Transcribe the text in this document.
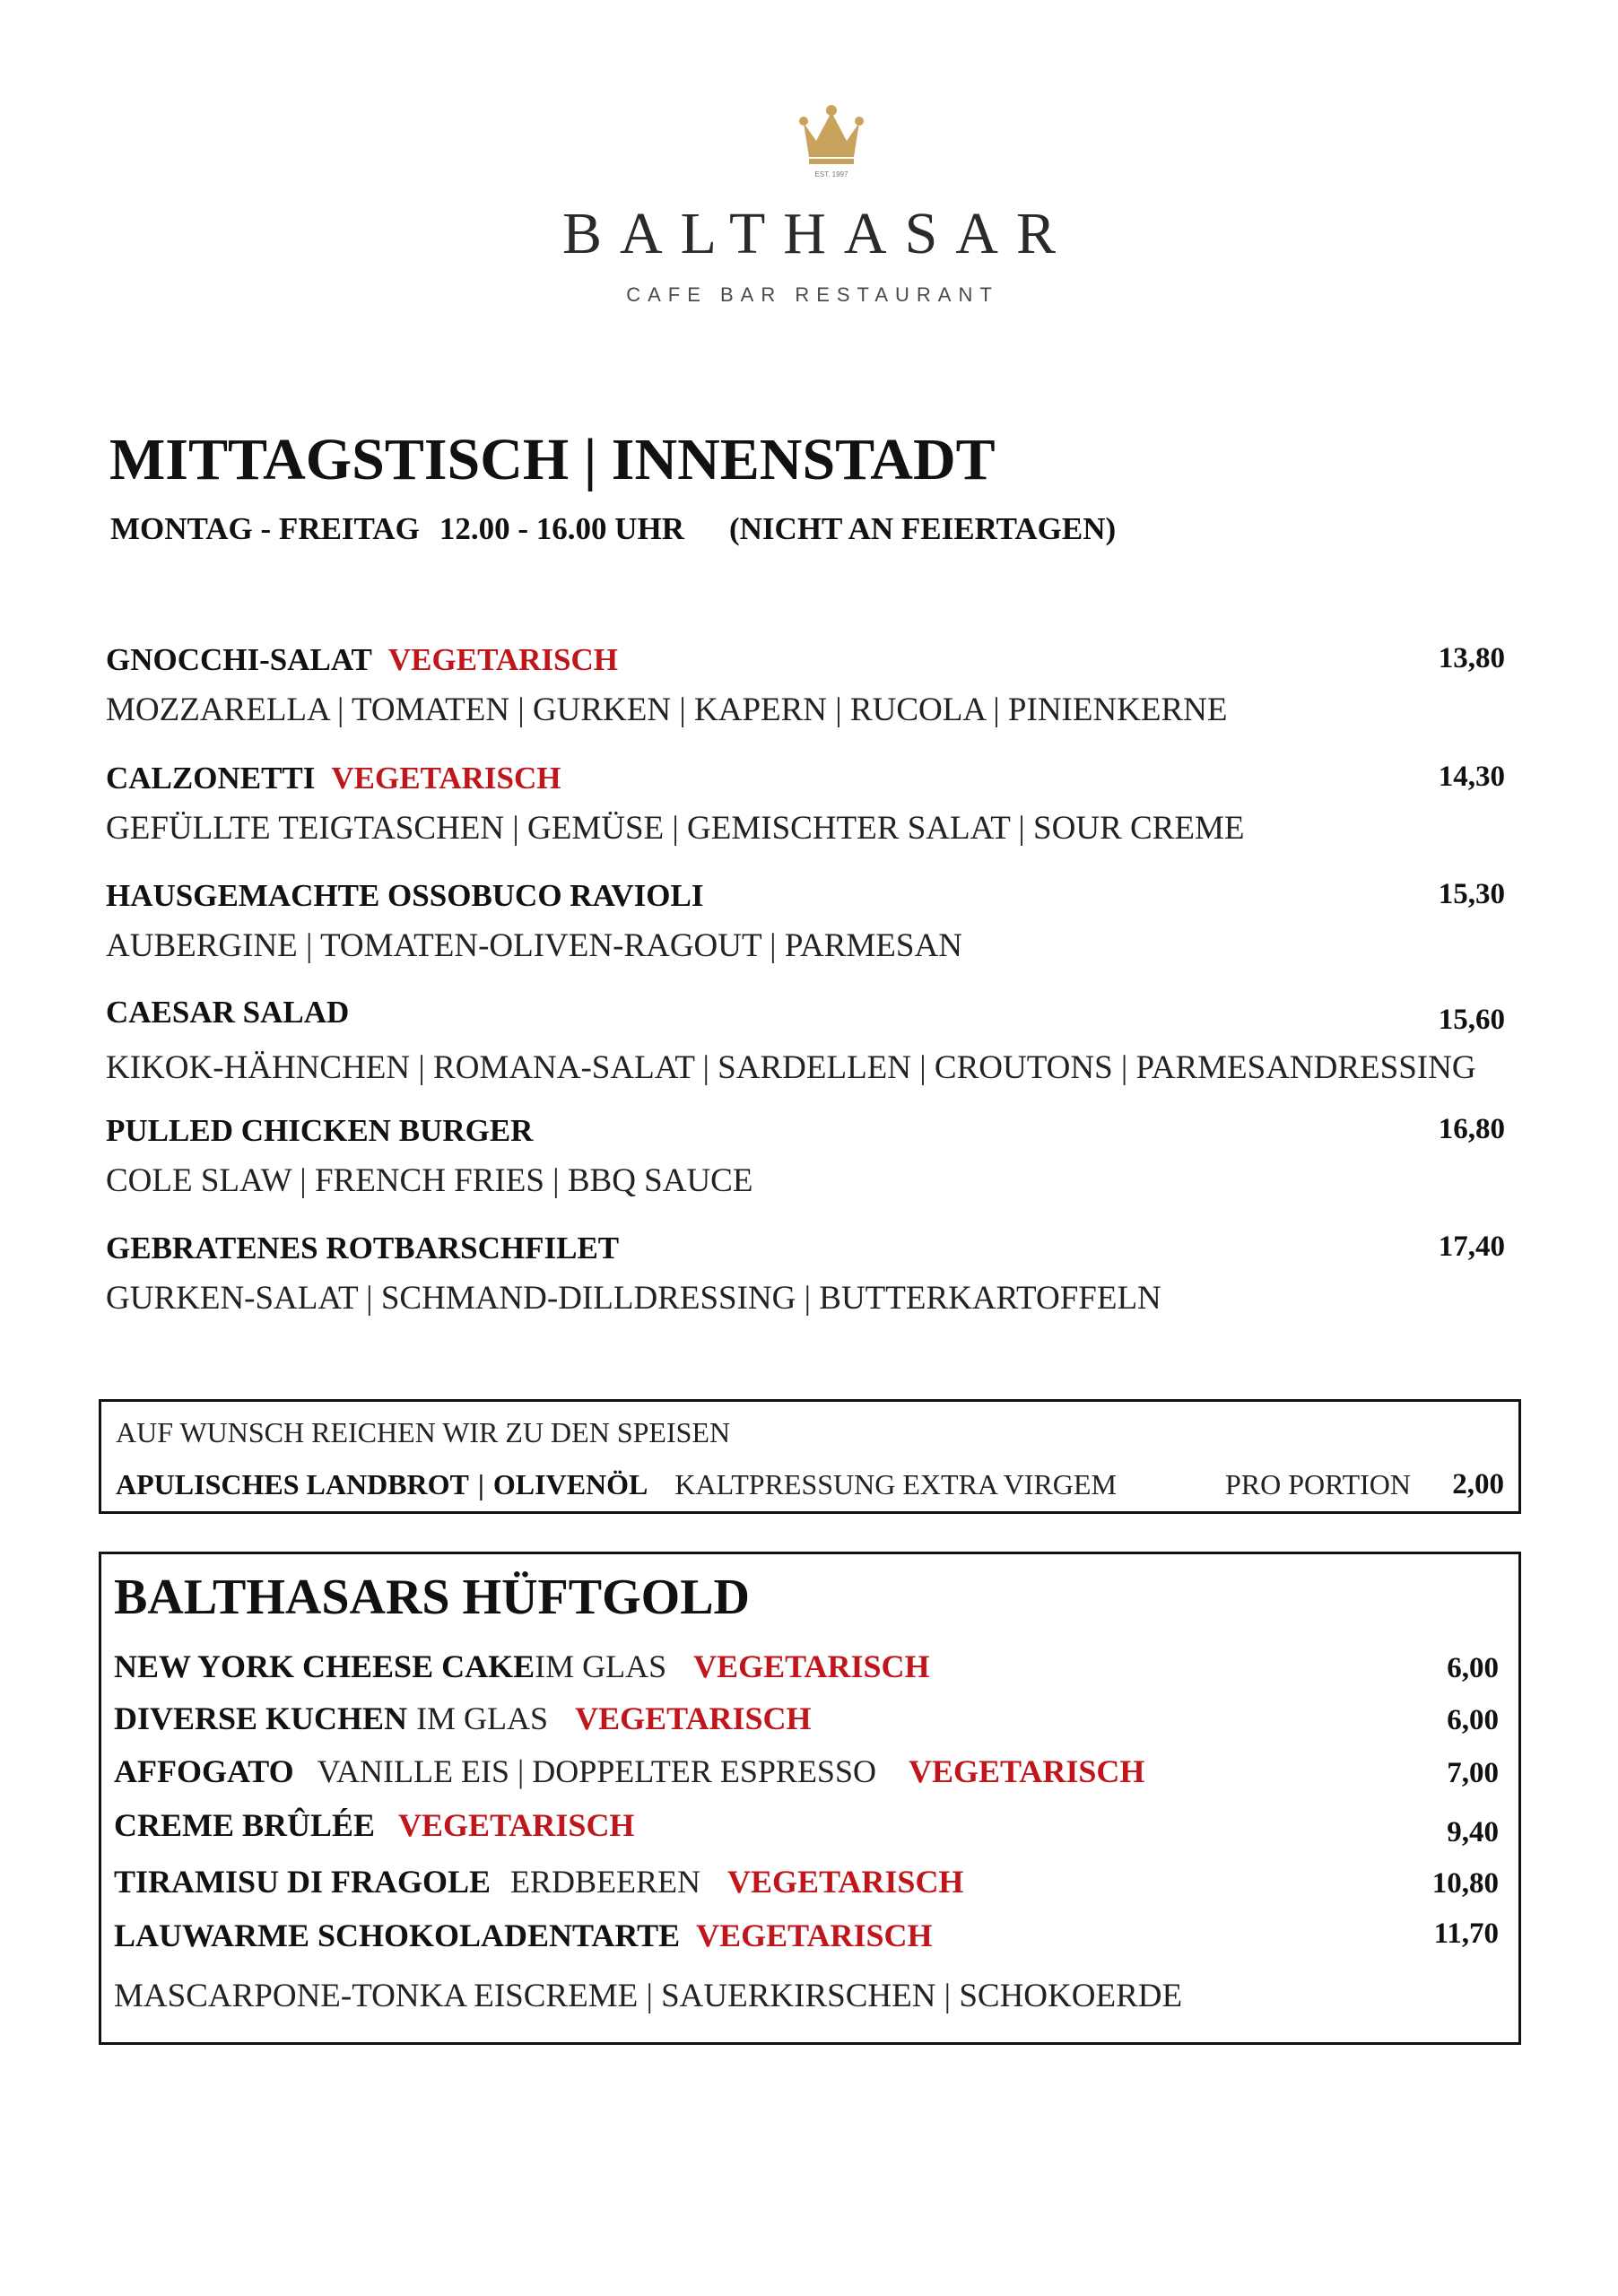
EST. 1997
BALTHASAR
CAFE BAR RESTAURANT
MITTAGSTISCH | INNENSTADT
MONTAG - FREITAG 12.00 - 16.00 UHR (NICHT AN FEIERTAGEN)
GNOCCHI-SALAT VEGETARISCH
MOZZARELLA | TOMATEN | GURKEN | KAPERN | RUCOLA | PINIENKERNE
13,80
CALZONETTI VEGETARISCH
GEFÜLLTE TEIGTASCHEN | GEMÜSE | GEMISCHTER SALAT | SOUR CREME
14,30
HAUSGEMACHTE OSSOBUCO RAVIOLI
AUBERGINE | TOMATEN-OLIVEN-RAGOUT | PARMESAN
15,30
CAESAR SALAD
KIKOK-HÄHNCHEN | ROMANA-SALAT | SARDELLEN | CROUTONS | PARMESANDRESSING
15,60
PULLED CHICKEN BURGER
COLE SLAW | FRENCH FRIES | BBQ SAUCE
16,80
GEBRATENES ROTBARSCHFILET
GURKEN-SALAT | SCHMAND-DILLDRESSING | BUTTERKARTOFFELN
17,40
AUF WUNSCH REICHEN WIR ZU DEN SPEISEN
APULISCHES LANDBROT | OLIVENÖL KALTPRESSUNG EXTRA VIRGEM	PRO PORTION 2,00
BALTHASARS HÜFTGOLD
NEW YORK CHEESE CAKEIM GLAS VEGETARISCH	6,00
DIVERSE KUCHEN IM GLAS VEGETARISCH	6,00
AFFOGATO VANILLE EIS | DOPPELTER ESPRESSO VEGETARISCH	7,00
CREME BRÛLÉE VEGETARISCH	9,40
TIRAMISU DI FRAGOLE ERDBEEREN VEGETARISCH	10,80
LAUWARME SCHOKOLADENTARTE VEGETARISCH	11,70
MASCARPONE-TONKA EISCREME | SAUERKIRSCHEN | SCHOKOERDE
